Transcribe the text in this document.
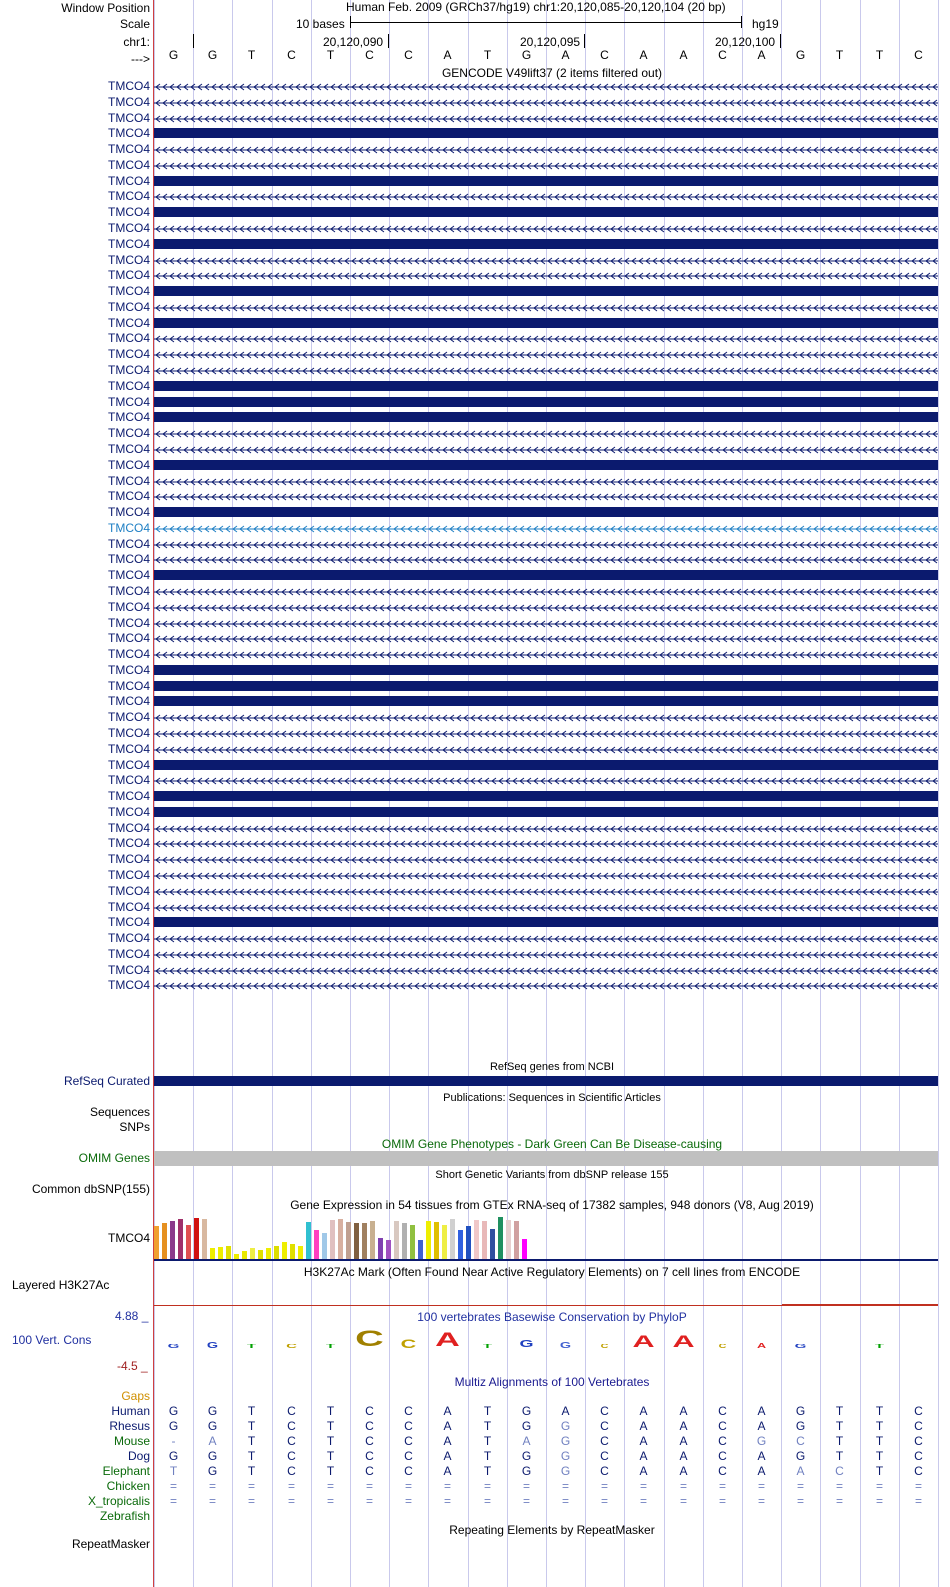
Window Position
Scale
chr1:
--->
Human Feb. 2009 (GRCh37/hg19) chr1:20,120,085-20,120,104 (20 bp)
10 bases	hg19
20,120,090	20,120,095	20,120,100
G	G	T	C	T	C	C	A	T	G	A	C	A	A	C	A	G	T	T	C
GENCODE V49lift37 (2 items filtered out)
TMCO4
TMCO4
TMCO4
TMCO4
TMCO4
TMCO4
TMCO4
TMCO4
TMCO4
TMCO4
TMCO4
TMCO4
TMCO4
TMCO4
TMCO4
TMCO4
TMCO4
TMCO4
TMCO4
TMCO4
TMCO4
TMCO4
TMCO4
TMCO4
TMCO4
TMCO4
TMCO4
TMCO4
TMCO4
TMCO4
TMCO4
TMCO4
TMCO4
TMCO4
TMCO4
TMCO4
TMCO4
TMCO4
TMCO4
TMCO4
TMCO4
TMCO4
TMCO4
TMCO4
TMCO4
TMCO4
TMCO4
TMCO4
TMCO4
TMCO4
TMCO4
TMCO4
TMCO4
TMCO4
TMCO4
TMCO4
TMCO4
TMCO4
RefSeq genes from NCBI
RefSeq Curated
Publications: Sequences in Scientific Articles
Sequences
SNPs
OMIM Gene Phenotypes - Dark Green Can Be Disease-causing
OMIM Genes
Short Genetic Variants from dbSNP release 155
Common dbSNP(155)
Gene Expression in 54 tissues from GTEx RNA-seq of 17382 samples, 948 donors (V8, Aug 2019)
TMCO4
H3K27Ac Mark (Often Found Near Active Regulatory Elements) on 7 cell lines from ENCODE
Layered H3K27Ac
100 vertebrates Basewise Conservation by PhyloP
4.88 _
100 Vert. Cons
-4.5 _
G	G	T	C	T C	C A	T	G	G	C	A	A	C	A	G	T
Multiz Alignments of 100 Vertebrates
Gaps
Human	G	G	T	C	T	C	C	A	T	G	A	C	A	A	C	A	G	T	T	C
Rhesus	G	G	T	C	T	C	C	A	T	G	G	C	A	A	C	A	G	T	T	C
Mouse	-	A	T	C	T	C	C	A	T	A	G	C	A	A	C	G	C	T	T	C
Dog	G	G	T	C	T	C	C	A	T	G	G	C	A	A	C	A	G	T	T	C
Elephant	T	G	T	C	T	C	C	A	T	G	G	C	A	A	C	A	A	C	T	C
Chicken	=	=	=	=	=	=	=	=	=	=	=	=	=	=	=	=	=	=	=	=
X_tropicalis	=	=	=	=	=	=	=	=	=	=	=	=	=	=	=	=	=	=	=	=
Zebrafish
Repeating Elements by RepeatMasker
RepeatMasker
